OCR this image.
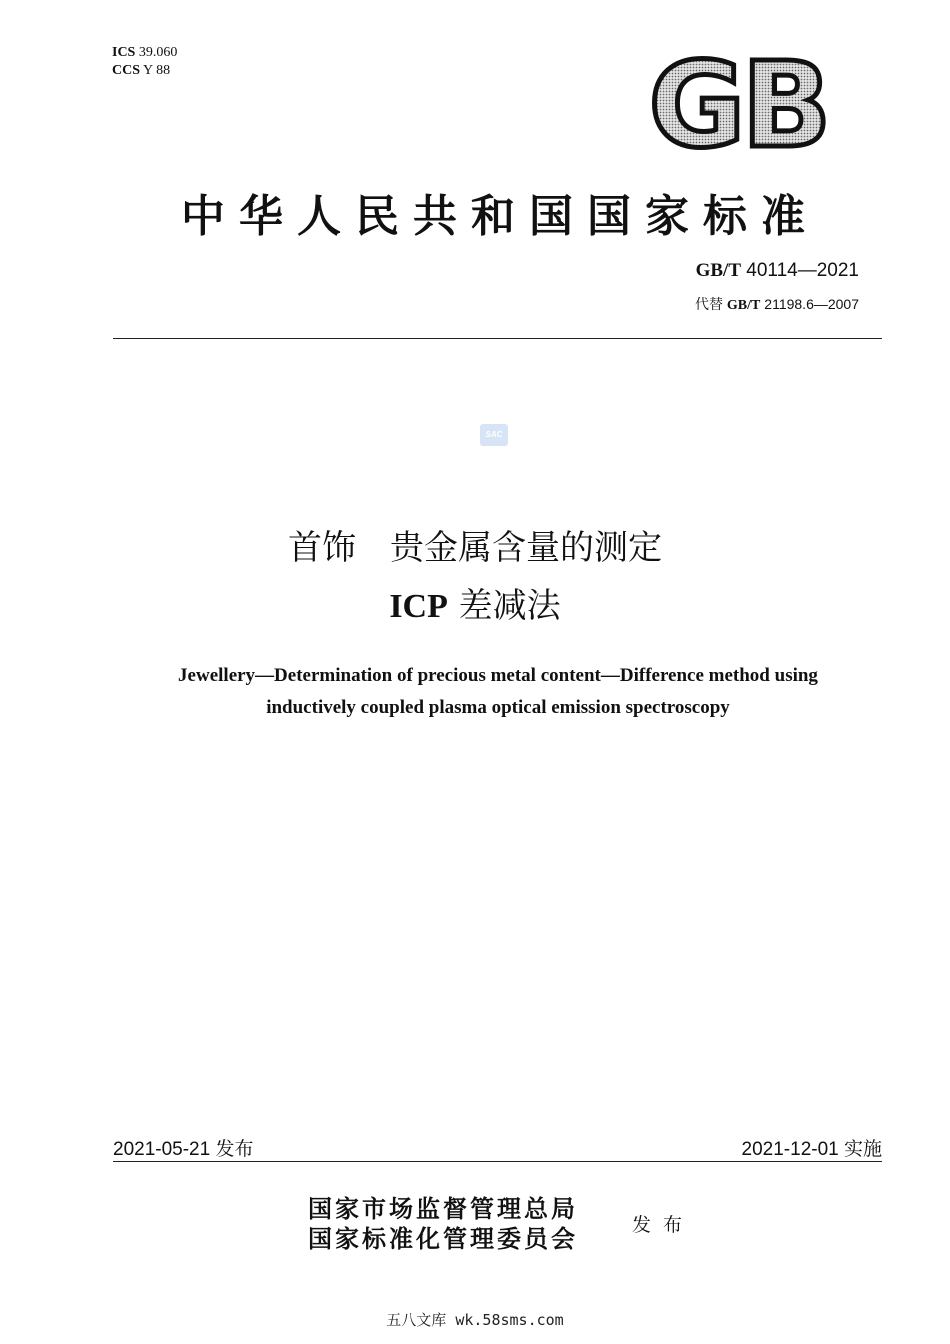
ICS 39.060
CCS Y 88	GB
中华人民共和国国家标准
GB/T 40114—2021
代替 GB/T 21198.6—2007
SAC
首饰　贵金属含量的测定
ICP 差减法
Jewellery—Determination of precious metal content—Difference method using
inductively coupled plasma optical emission spectroscopy
2021-05-21 发布	2021-12-01 实施
国家市场监督管理总局
国家标准化管理委员会	发布
五八文库 wk.58sms.com
